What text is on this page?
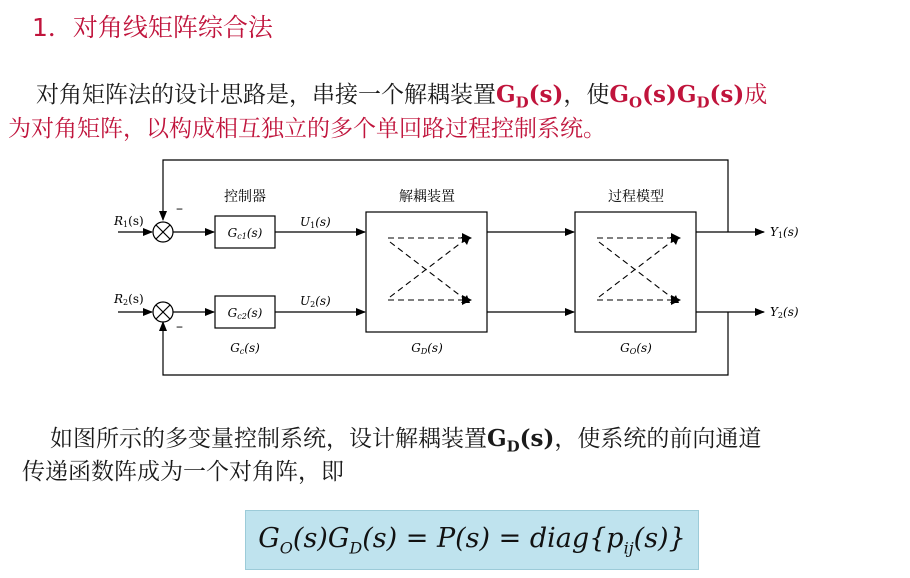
1．对角线矩阵综合法
对角矩阵法的设计思路是，串接一个解耦装置$G_D(s)$，使$G_O(s)G_D(s)$成
为对角矩阵，以构成相互独立的多个单回路过程控制系统。
控制器	解耦装置	过程模型
R1(s)
R2(s)
–
–
Gc1(s)
Gc2(s)
U1(s)
U2(s)
Y1(s)
Y2(s)
Gc(s)	GD(s)	GO(s)
如图所示的多变量控制系统，设计解耦装置$G_D(s)$，使系统的前向通道
传递函数阵成为一个对角阵，即
$G_O(s)G_D(s) = P(s)$ = $diag\{p_{ij}(s)\}$
